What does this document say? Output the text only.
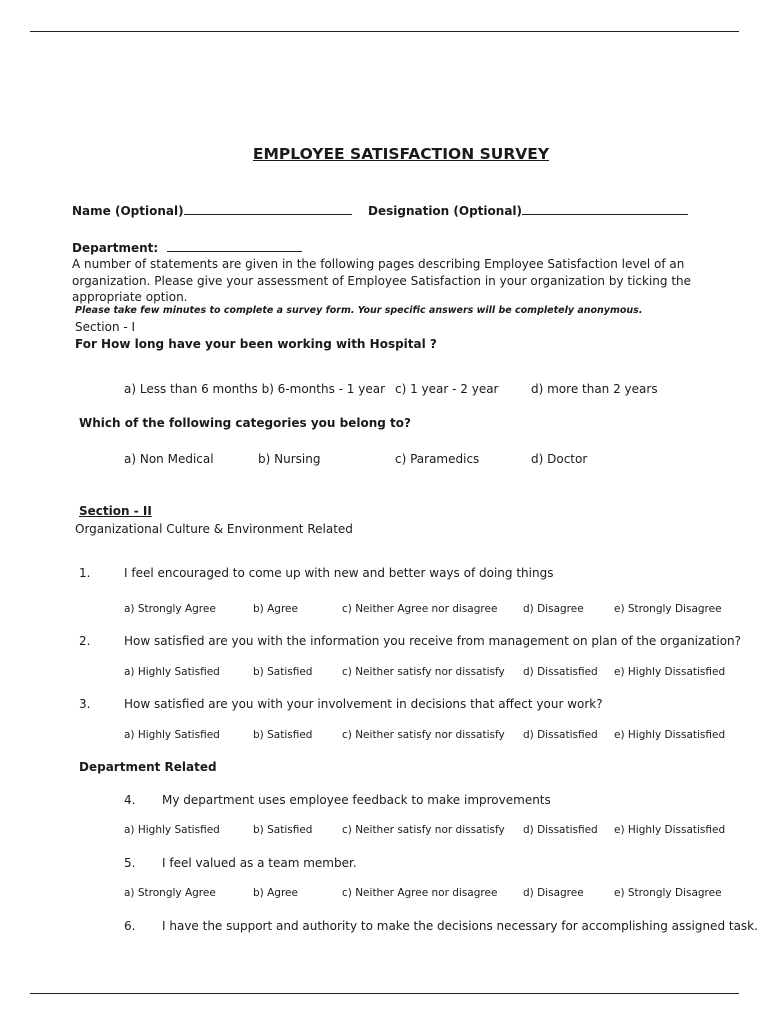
EMPLOYEE SATISFACTION SURVEY
Name (Optional)	Designation (Optional)
Department:
A number of statements are given in the following pages describing Employee Satisfaction level of an organization. Please give your assessment of Employee Satisfaction in your organization by ticking the appropriate option.
Please take few minutes to complete a survey form. Your specific answers will be completely anonymous.
Section - I
For How long have your been working with Hospital ?
a) Less than 6 months b) 6-months - 1 year c) 1 year - 2 year	d) more than 2 years
Which of the following categories you belong to?
a) Non Medical	b) Nursing	c) Paramedics	d) Doctor
Section - II
Organizational Culture & Environment Related
1.	I feel encouraged to come up with new and better ways of doing things
a) Strongly Agree	b) Agree	c) Neither Agree nor disagree d) Disagree	e) Strongly Disagree
2.	How satisfied are you with the information you receive from management on plan of the organization?
a) Highly Satisfied	b) Satisfied	c) Neither satisfy nor dissatisfy d) Dissatisfied e) Highly Dissatisfied
3.	How satisfied are you with your involvement in decisions that affect your work?
a) Highly Satisfied	b) Satisfied	c) Neither satisfy nor dissatisfy d) Dissatisfied e) Highly Dissatisfied
Department Related
4. My department uses employee feedback to make improvements
a) Highly Satisfied	b) Satisfied	c) Neither satisfy nor dissatisfy d) Dissatisfied e) Highly Dissatisfied
5. I feel valued as a team member.
a) Strongly Agree	b) Agree	c) Neither Agree nor disagree d) Disagree	e) Strongly Disagree
6. I have the support and authority to make the decisions necessary for accomplishing assigned task.
